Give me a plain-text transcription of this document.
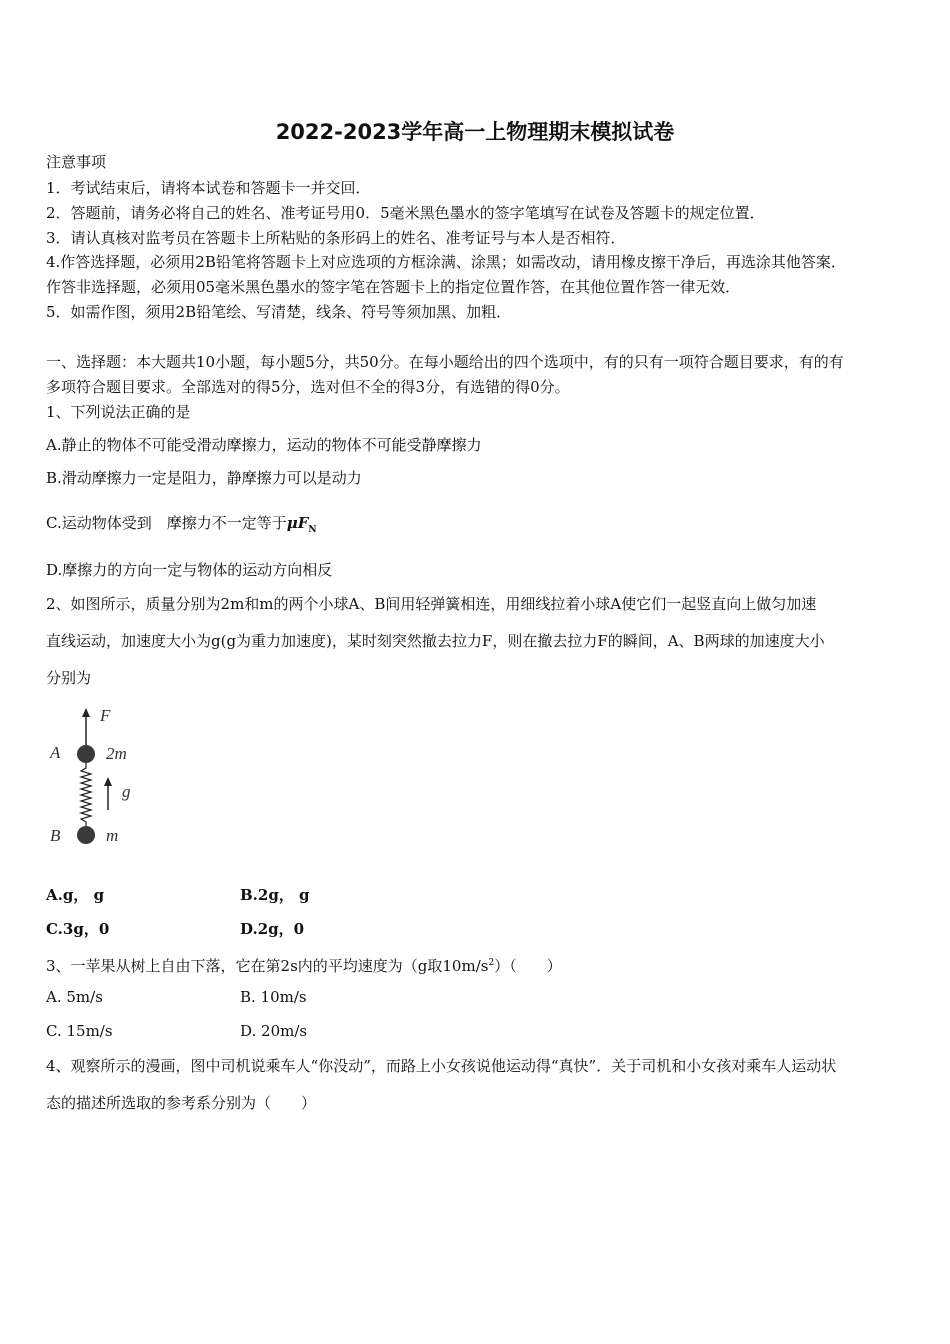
2022-2023学年高一上物理期末模拟试卷
注意事项
1．考试结束后，请将本试卷和答题卡一并交回．
2．答题前，请务必将自己的姓名、准考证号用0．5毫米黑色墨水的签字笔填写在试卷及答题卡的规定位置．
3．请认真核对监考员在答题卡上所粘贴的条形码上的姓名、准考证号与本人是否相符．
4.作答选择题，必须用2B铅笔将答题卡上对应选项的方框涂满、涂黑；如需改动，请用橡皮擦干净后，再选涂其他答案．
作答非选择题，必须用05毫米黑色墨水的签字笔在答题卡上的指定位置作答，在其他位置作答一律无效．
5．如需作图，须用2B铅笔绘、写清楚，线条、符号等须加黑、加粗．
一、选择题：本大题共10小题，每小题5分，共50分。在每小题给出的四个选项中，有的只有一项符合题目要求，有的有
多项符合题目要求。全部选对的得5分，选对但不全的得3分，有选错的得0分。
1、下列说法正确的是
A.静止的物体不可能受滑动摩擦力，运动的物体不可能受静摩擦力
B.滑动摩擦力一定是阻力，静摩擦力可以是动力
C.运动物体受到　摩擦力不一定等于$\mu F_N$
D.摩擦力的方向一定与物体的运动方向相反
2、如图所示，质量分别为2m和m的两个小球A、B间用轻弹簧相连，用细线拉着小球A使它们一起竖直向上做匀加速
直线运动，加速度大小为g(g为重力加速度)，某时刻突然撤去拉力F，则在撤去拉力F的瞬间，A、B两球的加速度大小
分别为
F
A	2m
g
B	m
A.g， g	B.2g， g
C.3g，0	D.2g，0
3、一苹果从树上自由下落，它在第2s内的平均速度为（g取$10m/s^2$）（　　）
A. 5m/s	B. 10m/s
C. 15m/s	D. 20m/s
4、观察所示的漫画，图中司机说乘车人“你没动”，而路上小女孩说他运动得“真快”．关于司机和小女孩对乘车人运动状
态的描述所选取的参考系分别为（　　）
